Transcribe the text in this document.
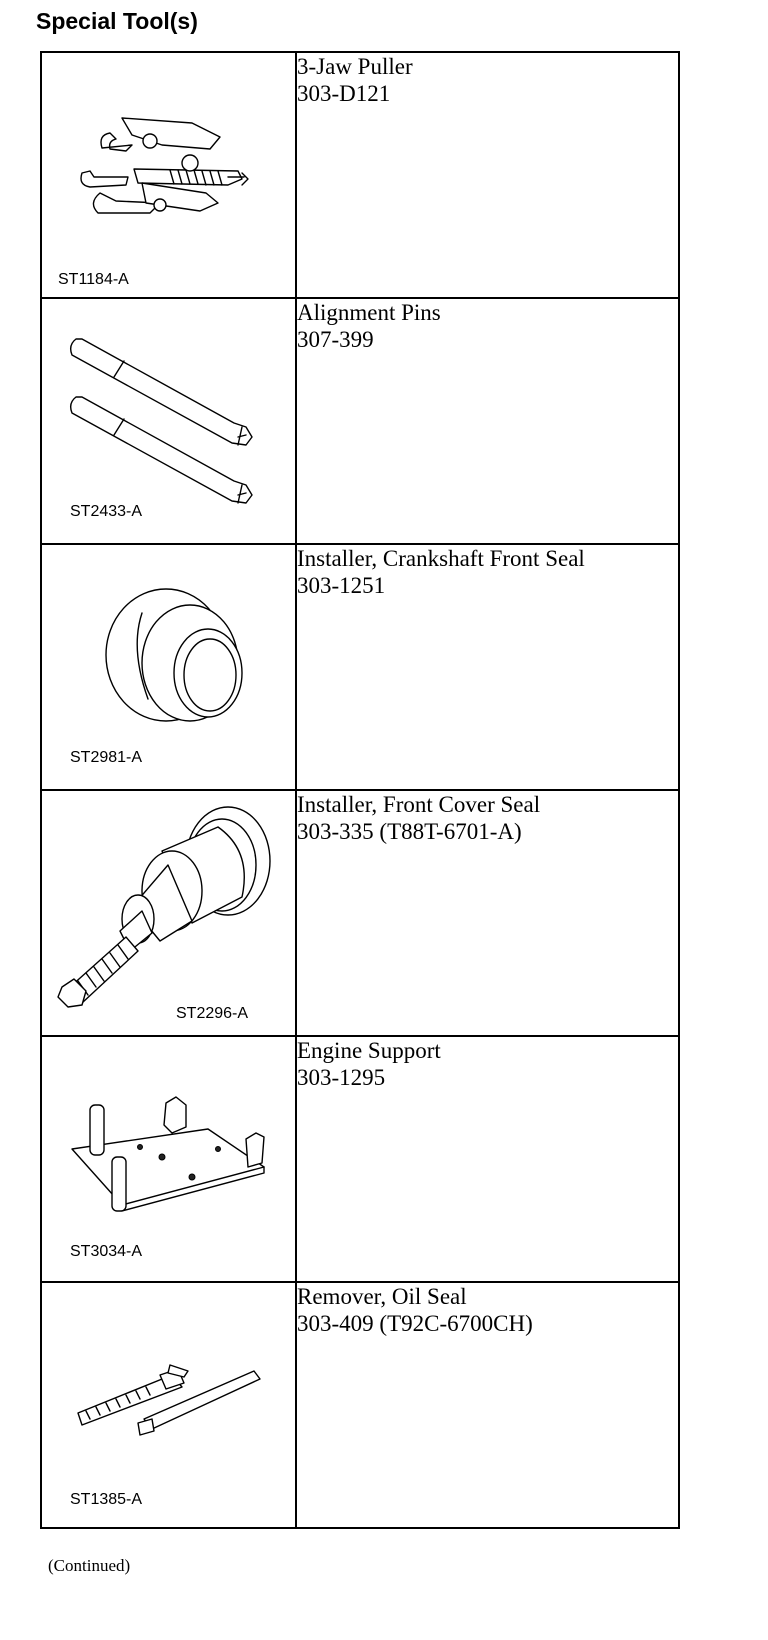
Special Tool(s)
ST1184-A	3-Jaw Puller
303-D121

ST2433-A	Alignment Pins
307-399

ST2981-A	Installer, Crankshaft Front Seal
303-1251

ST2296-A	Installer, Front Cover Seal
303-335 (T88T-6701-A)

ST3034-A	Engine Support
303-1295

ST1385-A	Remover, Oil Seal
303-409 (T92C-6700CH)
(Continued)
